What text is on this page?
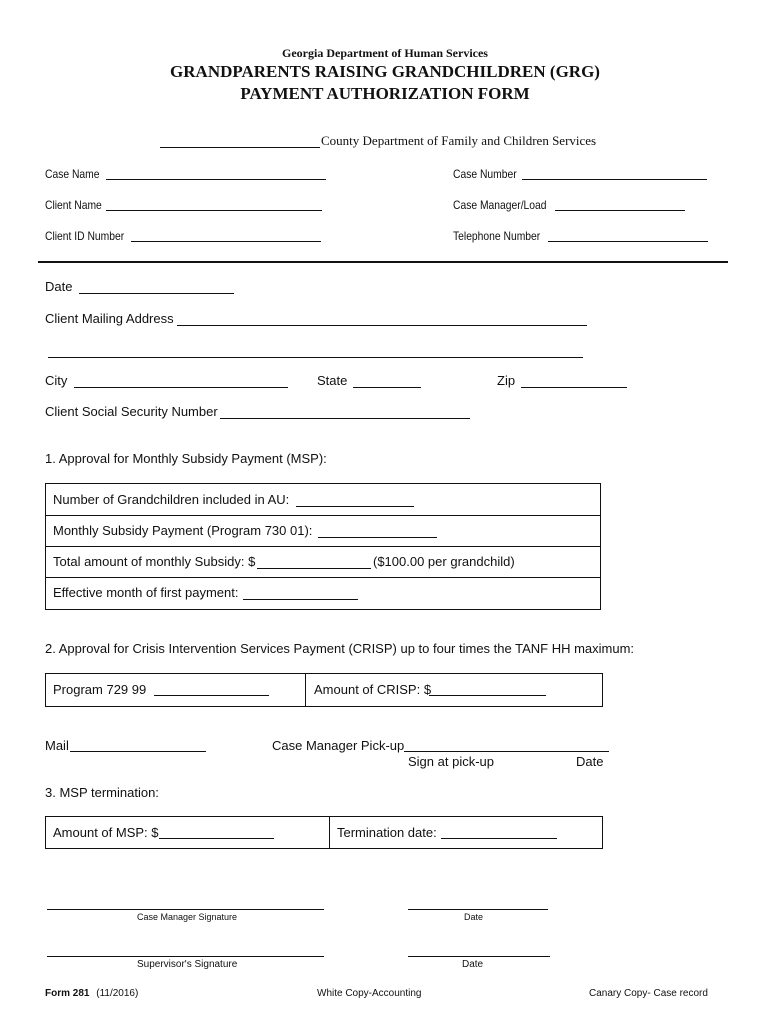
Georgia Department of Human Services
GRANDPARENTS RAISING GRANDCHILDREN (GRG)
PAYMENT AUTHORIZATION FORM
County Department of Family and Children Services
Case Name	Case Number
Client Name	Case Manager/Load
Client ID Number	Telephone Number
Date
Client Mailing Address
City	State	Zip
Client Social Security Number
1. Approval for Monthly Subsidy Payment (MSP):
Number of Grandchildren included in AU:
Monthly Subsidy Payment (Program 730 01):
Total amount of monthly Subsidy: $	($100.00 per grandchild)
Effective month of first payment:
2. Approval for Crisis Intervention Services Payment (CRISP) up to four times the TANF HH maximum:
Program 729 99	Amount of CRISP: $
Mail	Case Manager Pick-up
Sign at pick-up	Date
3. MSP termination:
Amount of MSP: $	Termination date:
Case Manager Signature	Date
Supervisor's Signature	Date
Form 281 (11/2016)	White Copy-Accounting	Canary Copy- Case record
